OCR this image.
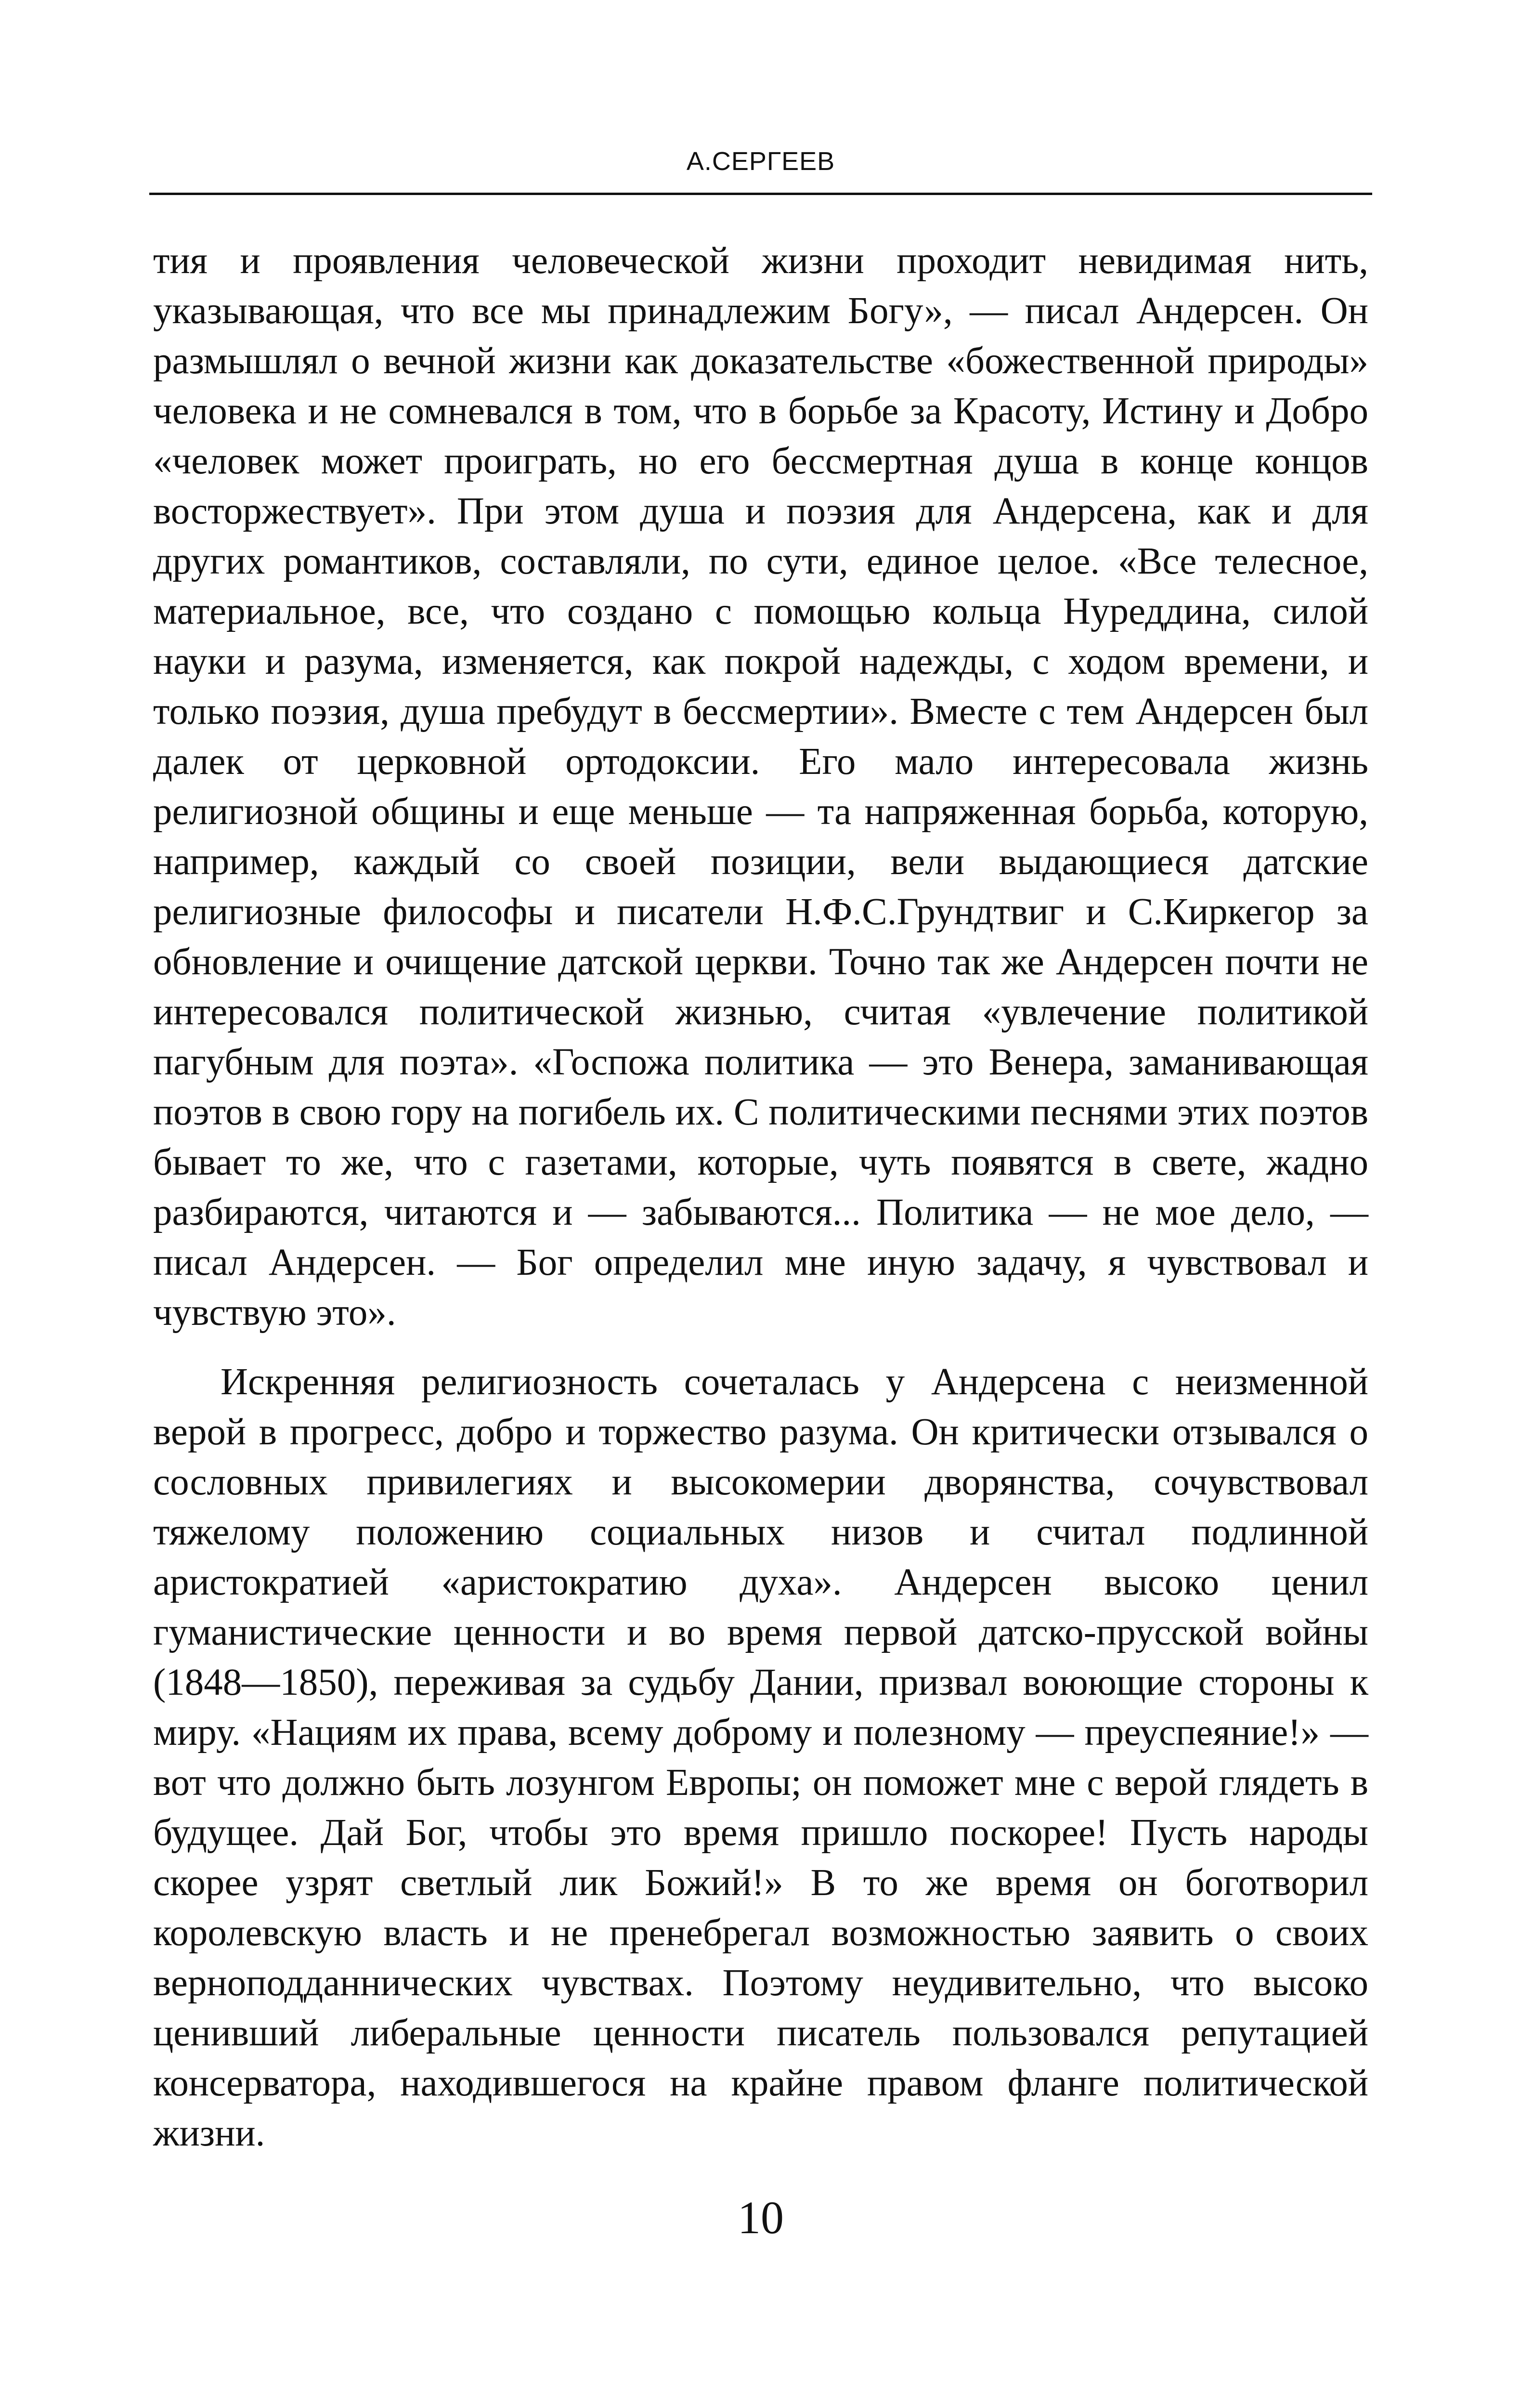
А.СЕРГЕЕВ

тия и проявления человеческой жизни проходит невидимая нить, указывающая, что все мы принадлежим Богу», — писал Андерсен. Он размышлял о вечной жизни как доказательстве «божественной природы» человека и не сомневался в том, что в борьбе за Красоту, Истину и Добро «человек может проиграть, но его бессмертная душа в конце концов восторжествует». При этом душа и поэзия для Андерсена, как и для других романтиков, составляли, по сути, единое целое. «Все телесное, материальное, все, что создано с помощью кольца Нуреддина, силой науки и разума, изменяется, как покрой надежды, с ходом времени, и только поэзия, душа пребудут в бессмертии». Вместе с тем Андерсен был далек от церковной ортодоксии. Его мало интересовала жизнь религиозной общины и еще меньше — та напряженная борьба, которую, например, каждый со своей позиции, вели выдающиеся датские религиозные философы и писатели Н.Ф.С.Грундтвиг и С.Киркегор за обновление и очищение датской церкви. Точно так же Андерсен почти не интересовался политической жизнью, считая «увлечение политикой пагубным для поэта». «Госпожа политика — это Венера, заманивающая поэтов в свою гору на погибель их. С политическими песнями этих поэтов бывает то же, что с газетами, которые, чуть появятся в свете, жадно разбираются, читаются и — забываются... Политика — не мое дело, — писал Андерсен. — Бог определил мне иную задачу, я чувствовал и чувствую это».

Искренняя религиозность сочеталась у Андерсена с неизменной верой в прогресс, добро и торжество разума. Он критически отзывался о сословных привилегиях и высокомерии дворянства, сочувствовал тяжелому положению социальных низов и считал подлинной аристократией «аристократию духа». Андерсен высоко ценил гуманистические ценности и во время первой датско-прусской войны (1848—1850), переживая за судьбу Дании, призвал воюющие стороны к миру. «Нациям их права, всему доброму и полезному — преуспеяние!» — вот что должно быть лозунгом Европы; он поможет мне с верой глядеть в будущее. Дай Бог, чтобы это время пришло поскорее! Пусть народы скорее узрят светлый лик Божий!» В то же время он боготворил королевскую власть и не пренебрегал возможностью заявить о своих верноподданнических чувствах. Поэтому неудивительно, что высоко ценивший либеральные ценности писатель пользовался репутацией консерватора, находившегося на крайне правом фланге политической жизни.

10
